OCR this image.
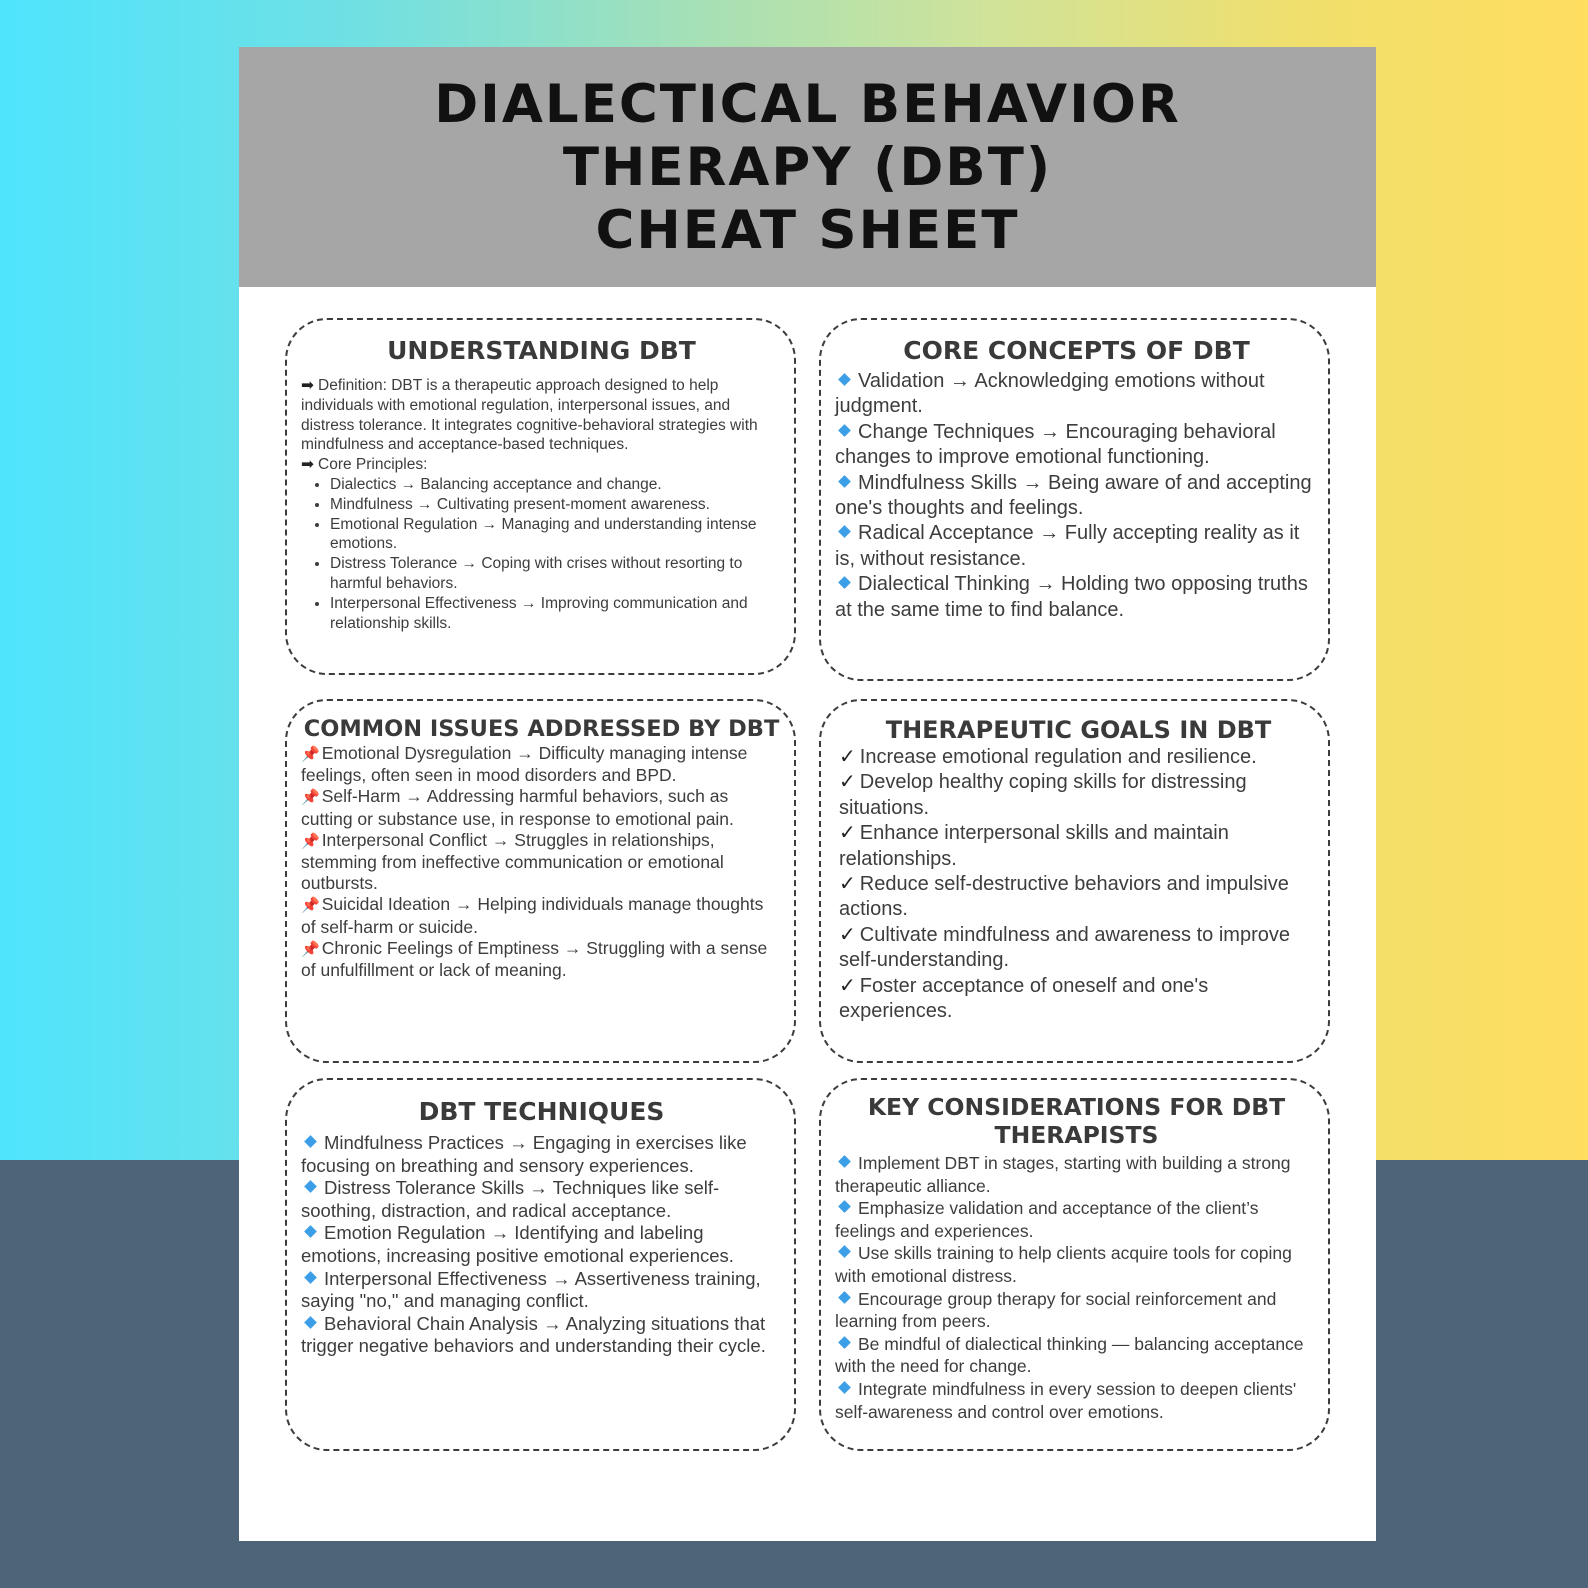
DIALECTICAL BEHAVIOR
THERAPY (DBT)
CHEAT SHEET
UNDERSTANDING DBT
➡ Definition: DBT is a therapeutic approach designed to help individuals with emotional regulation, interpersonal issues, and distress tolerance. It integrates cognitive-behavioral strategies with mindfulness and acceptance-based techniques.
➡ Core Principles:
• Dialectics → Balancing acceptance and change.
• Mindfulness → Cultivating present-moment awareness.
• Emotional Regulation → Managing and understanding intense emotions.
• Distress Tolerance → Coping with crises without resorting to harmful behaviors.
• Interpersonal Effectiveness → Improving communication and relationship skills.
CORE CONCEPTS OF DBT
Validation → Acknowledging emotions without judgment.
Change Techniques → Encouraging behavioral changes to improve emotional functioning.
Mindfulness Skills → Being aware of and accepting one's thoughts and feelings.
Radical Acceptance → Fully accepting reality as it is, without resistance.
Dialectical Thinking → Holding two opposing truths at the same time to find balance.
COMMON ISSUES ADDRESSED BY DBT
📌 Emotional Dysregulation → Difficulty managing intense feelings, often seen in mood disorders and BPD.
📌 Self-Harm → Addressing harmful behaviors, such as cutting or substance use, in response to emotional pain.
📌 Interpersonal Conflict → Struggles in relationships, stemming from ineffective communication or emotional outbursts.
📌 Suicidal Ideation → Helping individuals manage thoughts of self-harm or suicide.
📌 Chronic Feelings of Emptiness → Struggling with a sense of unfulfillment or lack of meaning.
THERAPEUTIC GOALS IN DBT
✓ Increase emotional regulation and resilience.
✓ Develop healthy coping skills for distressing situations.
✓ Enhance interpersonal skills and maintain relationships.
✓ Reduce self-destructive behaviors and impulsive actions.
✓ Cultivate mindfulness and awareness to improve self-understanding.
✓ Foster acceptance of oneself and one's experiences.
DBT TECHNIQUES
Mindfulness Practices → Engaging in exercises like focusing on breathing and sensory experiences.
Distress Tolerance Skills → Techniques like self-soothing, distraction, and radical acceptance.
Emotion Regulation → Identifying and labeling emotions, increasing positive emotional experiences.
Interpersonal Effectiveness → Assertiveness training, saying "no," and managing conflict.
Behavioral Chain Analysis → Analyzing situations that trigger negative behaviors and understanding their cycle.
KEY CONSIDERATIONS FOR DBT THERAPISTS
Implement DBT in stages, starting with building a strong therapeutic alliance.
Emphasize validation and acceptance of the client’s feelings and experiences.
Use skills training to help clients acquire tools for coping with emotional distress.
Encourage group therapy for social reinforcement and learning from peers.
Be mindful of dialectical thinking — balancing acceptance with the need for change.
Integrate mindfulness in every session to deepen clients' self-awareness and control over emotions.
